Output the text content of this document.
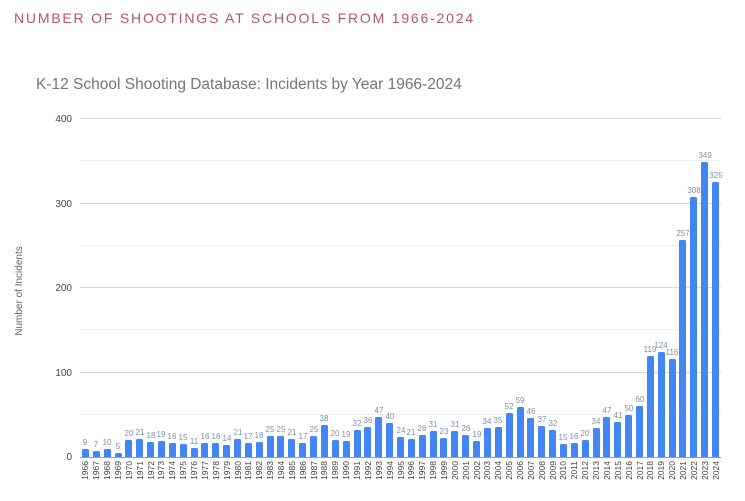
NUMBER OF SHOOTINGS AT SCHOOLS FROM 1966-2024
K-12 School Shooting Database: Incidents by Year 1966-2024
Number of Incidents
9
1966
7
1967
10
1968
5
1969
20
1970
21
1971
18
1972
19
1973
16
1974
15
1975
11
1976
16
1977
16
1978
14
1979
21
1980
17
1981
18
1982
25
1983
25
1984
21
1985
17
1986
25
1987
38
1988
20
1989
19
1990
32
1991
36
1992
47
1993
40
1994
24
1995
21
1996
26
1997
31
1998
23
1999
31
2000
26
2001
19
2002
34
2003
35
2004
52
2005
59
2006
46
2007
37
2008
32
2009
15
2010
16
2011
20
2012
34
2013
47
2014
41
2015
50
2016
60
2017
119
2018
124
2019
116
2020
257
2021
308
2022
349
2023
325
2024
0
100
200
300
400
